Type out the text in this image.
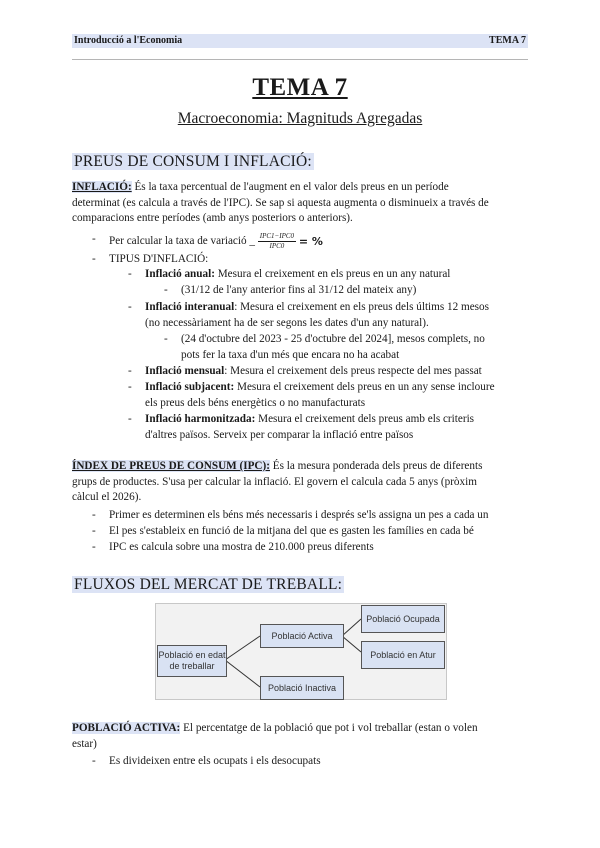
Introducció a l'Economia	TEMA 7
TEMA 7
Macroeconomia: Magnituds Agregadas
PREUS DE CONSUM I INFLACIÓ:
INFLACIÓ: És la taxa percentual de l'augment en el valor dels preus en un període
determinat (es calcula a través de l'IPC). Se sap si aquesta augmenta o disminueix a través de
comparacions entre períodes (amb anys posteriors o anteriors).
- Per calcular la taxa de variació _ IPC1−IPC0
IPC0	= %
- TIPUS D'INFLACIÓ:
- Inflació anual: Mesura el creixement en els preus en un any natural
- (31/12 de l'any anterior fins al 31/12 del mateix any)
- Inflació interanual: Mesura el creixement en els preus dels últims 12 mesos
(no necessàriament ha de ser segons les dates d'un any natural).
- (24 d'octubre del 2023 - 25 d'octubre del 2024], mesos complets, no
pots fer la taxa d'un més que encara no ha acabat
- Inflació mensual: Mesura el creixement dels preus respecte del mes passat
- Inflació subjacent: Mesura el creixement dels preus en un any sense incloure
els preus dels béns energètics o no manufacturats
- Inflació harmonitzada: Mesura el creixement dels preus amb els criteris
d'altres països. Serveix per comparar la inflació entre països
ÍNDEX DE PREUS DE CONSUM (IPC): És la mesura ponderada dels preus de diferents
grups de productes. S'usa per calcular la inflació. El govern el calcula cada 5 anys (pròxim
càlcul el 2026).
- Primer es determinen els béns més necessaris i després se'ls assigna un pes a cada un
- El pes s'estableix en funció de la mitjana del que es gasten les famílies en cada bé
- IPC es calcula sobre una mostra de 210.000 preus diferents
FLUXOS DEL MERCAT DE TREBALL:
Població en edat de treballar
Població Activa
Població Inactiva
Població Ocupada
Població en Atur
POBLACIÓ ACTIVA: El percentatge de la població que pot i vol treballar (estan o volen
estar)
- Es divideixen entre els ocupats i els desocupats
